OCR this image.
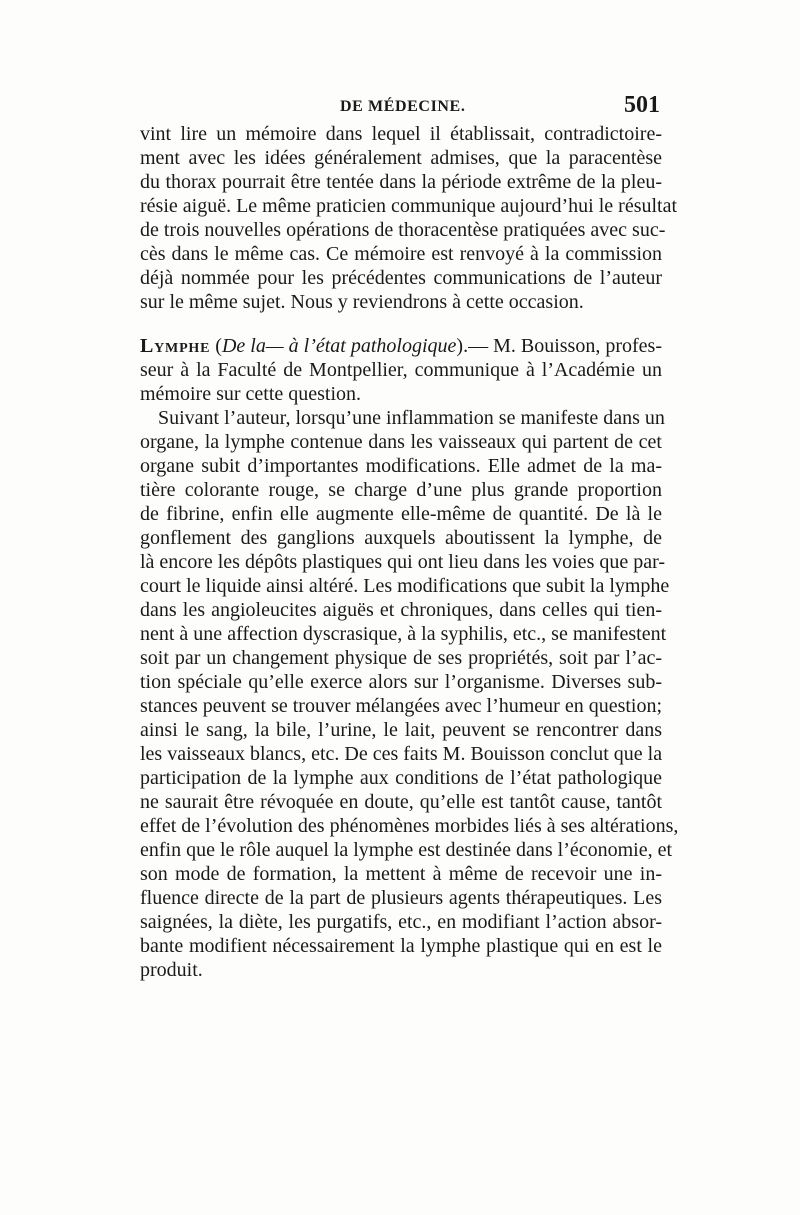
DE MÉDECINE.	501
vint lire un mémoire dans lequel il établissait, contradictoire-
ment avec les idées généralement admises, que la paracentèse
du thorax pourrait être tentée dans la période extrême de la pleu-
résie aiguë. Le même praticien communique aujourd’hui le résultat
de trois nouvelles opérations de thoracentèse pratiquées avec suc-
cès dans le même cas. Ce mémoire est renvoyé à la commission
déjà nommée pour les précédentes communications de l’auteur
sur le même sujet. Nous y reviendrons à cette occasion.
Lymphe (De la— à l’état pathologique).— M. Bouisson, profes-
seur à la Faculté de Montpellier, communique à l’Académie un
mémoire sur cette question.
Suivant l’auteur, lorsqu’une inflammation se manifeste dans un
organe, la lymphe contenue dans les vaisseaux qui partent de cet
organe subit d’importantes modifications. Elle admet de la ma-
tière colorante rouge, se charge d’une plus grande proportion
de fibrine, enfin elle augmente elle-même de quantité. De là le
gonflement des ganglions auxquels aboutissent la lymphe, de
là encore les dépôts plastiques qui ont lieu dans les voies que par-
court le liquide ainsi altéré. Les modifications que subit la lymphe
dans les angioleucites aiguës et chroniques, dans celles qui tien-
nent à une affection dyscrasique, à la syphilis, etc., se manifestent
soit par un changement physique de ses propriétés, soit par l’ac-
tion spéciale qu’elle exerce alors sur l’organisme. Diverses sub-
stances peuvent se trouver mélangées avec l’humeur en question;
ainsi le sang, la bile, l’urine, le lait, peuvent se rencontrer dans
les vaisseaux blancs, etc. De ces faits M. Bouisson conclut que la
participation de la lymphe aux conditions de l’état pathologique
ne saurait être révoquée en doute, qu’elle est tantôt cause, tantôt
effet de l’évolution des phénomènes morbides liés à ses altérations,
enfin que le rôle auquel la lymphe est destinée dans l’économie, et
son mode de formation, la mettent à même de recevoir une in-
fluence directe de la part de plusieurs agents thérapeutiques. Les
saignées, la diète, les purgatifs, etc., en modifiant l’action absor-
bante modifient nécessairement la lymphe plastique qui en est le
produit.
